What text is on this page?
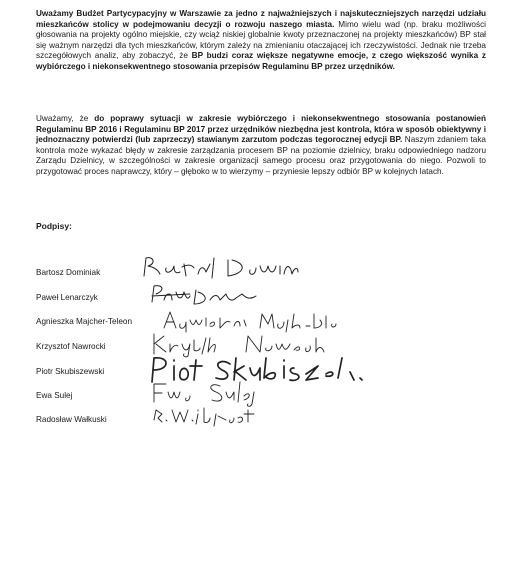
Uważamy Budżet Partycypacyjny w Warszawie za jedno z najważniejszych i najskuteczniejszych narzędzi udziału mieszkańców stolicy w podejmowaniu decyzji o rozwoju naszego miasta. Mimo wielu wad (np. braku możliwości głosowania na projekty ogólno miejskie, czy wciąż niskiej globalnie kwoty przeznaczonej na projekty mieszkańców) BP stał się ważnym narzędzi dla tych mieszkańców, którym zależy na zmienianiu otaczającej ich rzeczywistości. Jednak nie trzeba szczegółowych analiz, aby zobaczyć, że BP budzi coraz większe negatywne emocje, z czego większość wynika z wybiórczego i niekonsekwentnego stosowania przepisów Regulaminu BP przez urzędników.

Uważamy, że do poprawy sytuacji w zakresie wybiórczego i niekonsekwentnego stosowania postanowień Regulaminu BP 2016 i Regulaminu BP 2017 przez urzędników niezbędna jest kontrola, która w sposób obiektywny i jednoznaczny potwierdzi (lub zaprzeczy) stawianym zarzutom podczas tegorocznej edycji BP. Naszym zdaniem taka kontrola może wykazać błędy w zakresie zarządzania procesem BP na poziomie dzielnicy, braku odpowiedniego nadzoru Zarządu Dzielnicy, w szczególności w zakresie organizacji samego procesu oraz przygotowania do niego. Pozwoli to przygotować proces naprawczy, który – głęboko w to wierzymy – przyniesie lepszy odbiór BP w kolejnych latach.

Podpisy:

Bartosz Dominiak

Paweł Lenarczyk

Agnieszka Majcher-Teleon

Krzysztof Nawrocki

Piotr Skubiszewski

Ewa Sulej

Radosław Wałkuski
